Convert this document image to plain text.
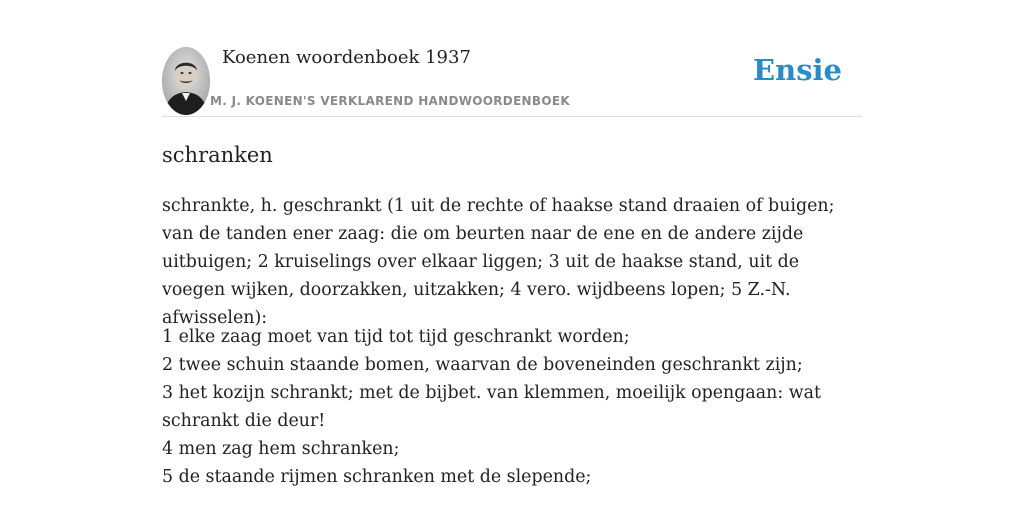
Koenen woordenboek 1937
M. J. KOENEN'S VERKLAREND HANDWOORDENBOEK
Ensie
schranken

schrankte, h. geschrankt (1 uit de rechte of haakse stand draaien of buigen; van de tanden ener zaag: die om beurten naar de ene en de andere zijde uitbuigen; 2 kruiselings over elkaar liggen; 3 uit de haakse stand, uit de voegen wijken, doorzakken, uitzakken; 4 vero. wijdbeens lopen; 5 Z.-N. afwisselen):

1 elke zaag moet van tijd tot tijd geschrankt worden;
2 twee schuin staande bomen, waarvan de boveneinden geschrankt zijn;
3 het kozijn schrankt; met de bijbet. van klemmen, moeilijk opengaan: wat schrankt die deur!
4 men zag hem schranken;
5 de staande rijmen schranken met de slepende;
